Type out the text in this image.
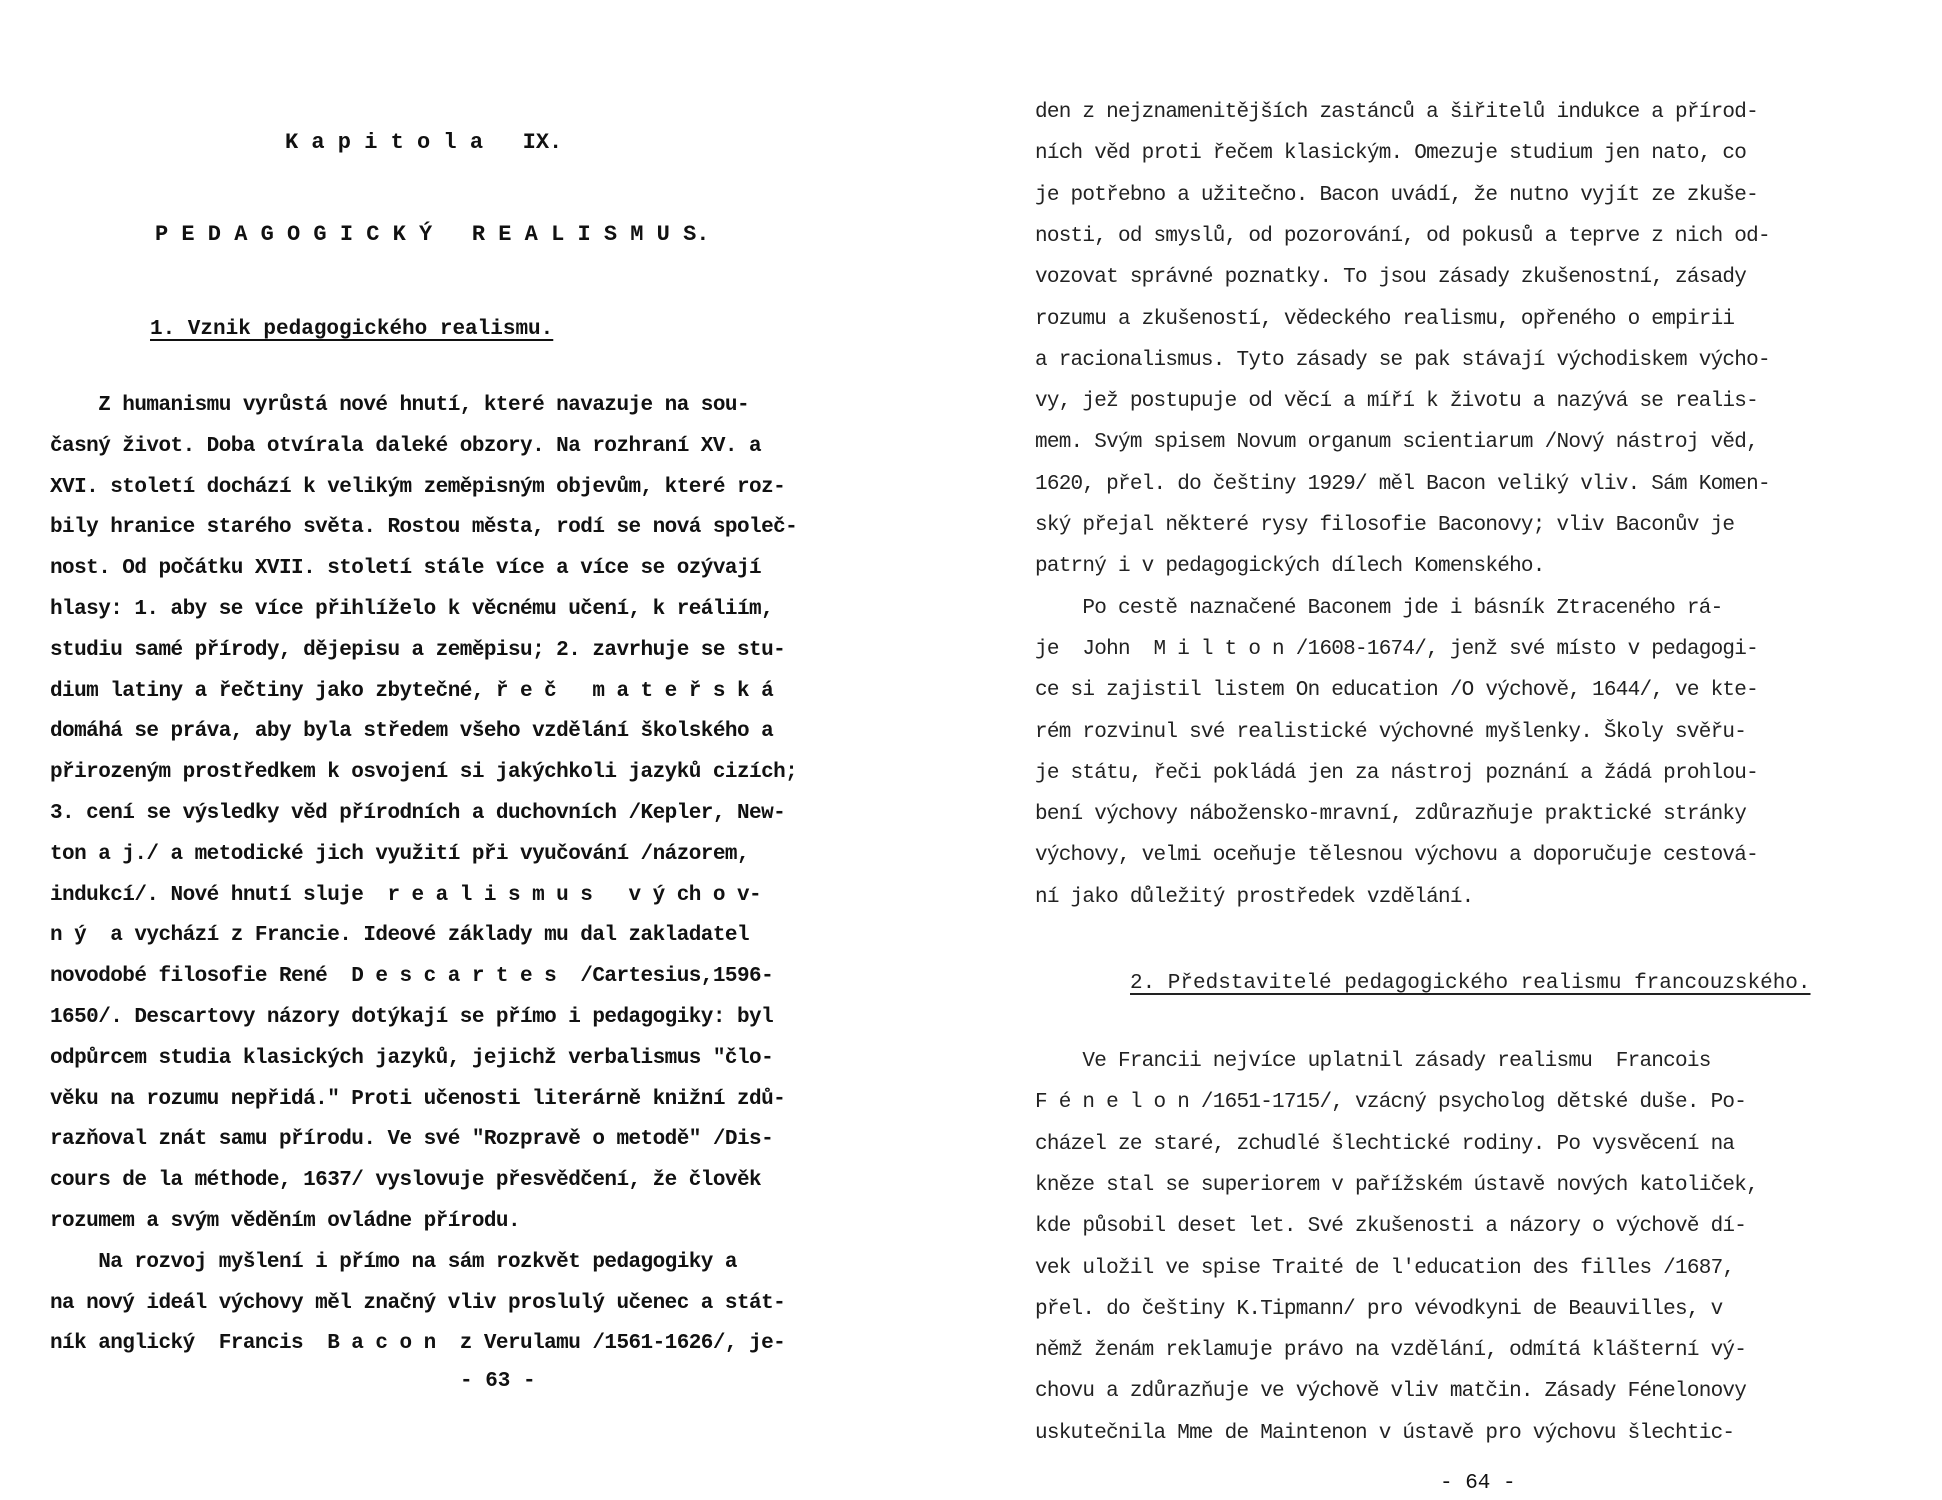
K a p i t o l a   IX.
P E D A G O G I C K Ý   R E A L I S M U S.
1. Vznik pedagogického realismu.
Z humanismu vyrůstá nové hnutí, které navazuje na sou-
časný život. Doba otvírala daleké obzory. Na rozhraní XV. a
XVI. století dochází k velikým zeměpisným objevům, které roz-
bily hranice starého světa. Rostou města, rodí se nová společ-
nost. Od počátku XVII. století stále více a více se ozývají
hlasy: 1. aby se více přihlíželo k věcnému učení, k reáliím,
studiu samé přírody, dějepisu a zeměpisu; 2. zavrhuje se stu-
dium latiny a řečtiny jako zbytečné, ř e č   m a t e ř s k á
domáhá se práva, aby byla středem všeho vzdělání školského a
přirozeným prostředkem k osvojení si jakýchkoli jazyků cizích;
3. cení se výsledky věd přírodních a duchovních /Kepler, New-
ton a j./ a metodické jich využití při vyučování /názorem,
indukcí/. Nové hnutí sluje  r e a l i s m u s   v ý ch o v-
n ý  a vychází z Francie. Ideové základy mu dal zakladatel
novodobé filosofie René  D e s c a r t e s  /Cartesius,1596-
1650/. Descartovy názory dotýkají se přímo i pedagogiky: byl
odpůrcem studia klasických jazyků, jejichž verbalismus "člo-
věku na rozumu nepřidá." Proti učenosti literárně knižní zdů-
razňoval znát samu přírodu. Ve své "Rozpravě o metodě" /Dis-
cours de la méthode, 1637/ vyslovuje přesvědčení, že člověk
rozumem a svým věděním ovládne přírodu.
Na rozvoj myšlení i přímo na sám rozkvět pedagogiky a
na nový ideál výchovy měl značný vliv proslulý učenec a stát-
ník anglický  Francis  B a c o n  z Verulamu /1561-1626/, je-
- 63 -
den z nejznamenitějších zastánců a šiřitelů indukce a přírod-
ních věd proti řečem klasickým. Omezuje studium jen nato, co
je potřebno a užitečno. Bacon uvádí, že nutno vyjít ze zkuše-
nosti, od smyslů, od pozorování, od pokusů a teprve z nich od-
vozovat správné poznatky. To jsou zásady zkušenostní, zásady
rozumu a zkušeností, vědeckého realismu, opřeného o empirii
a racionalismus. Tyto zásady se pak stávají východiskem výcho-
vy, jež postupuje od věcí a míří k životu a nazývá se realis-
mem. Svým spisem Novum organum scientiarum /Nový nástroj věd,
1620, přel. do češtiny 1929/ měl Bacon veliký vliv. Sám Komen-
ský přejal některé rysy filosofie Baconovy; vliv Baconův je
patrný i v pedagogických dílech Komenského.
Po cestě naznačené Baconem jde i básník Ztraceného rá-
je  John  M i l t o n /1608-1674/, jenž své místo v pedagogi-
ce si zajistil listem On education /O výchově, 1644/, ve kte-
rém rozvinul své realistické výchovné myšlenky. Školy svěřu-
je státu, řeči pokládá jen za nástroj poznání a žádá prohlou-
bení výchovy nábožensko-mravní, zdůrazňuje praktické stránky
výchovy, velmi oceňuje tělesnou výchovu a doporučuje cestová-
ní jako důležitý prostředek vzdělání.
2. Představitelé pedagogického realismu francouzského.
Ve Francii nejvíce uplatnil zásady realismu  Francois
F é n e l o n /1651-1715/, vzácný psycholog dětské duše. Po-
cházel ze staré, zchudlé šlechtické rodiny. Po vysvěcení na
kněze stal se superiorem v pařížském ústavě nových katoliček,
kde působil deset let. Své zkušenosti a názory o výchově dí-
vek uložil ve spise Traité de l'education des filles /1687,
přel. do češtiny K.Tipmann/ pro vévodkyni de Beauvilles, v
němž ženám reklamuje právo na vzdělání, odmítá klášterní vý-
chovu a zdůrazňuje ve výchově vliv matčin. Zásady Fénelonovy
uskutečnila Mme de Maintenon v ústavě pro výchovu šlechtic-
- 64 -
